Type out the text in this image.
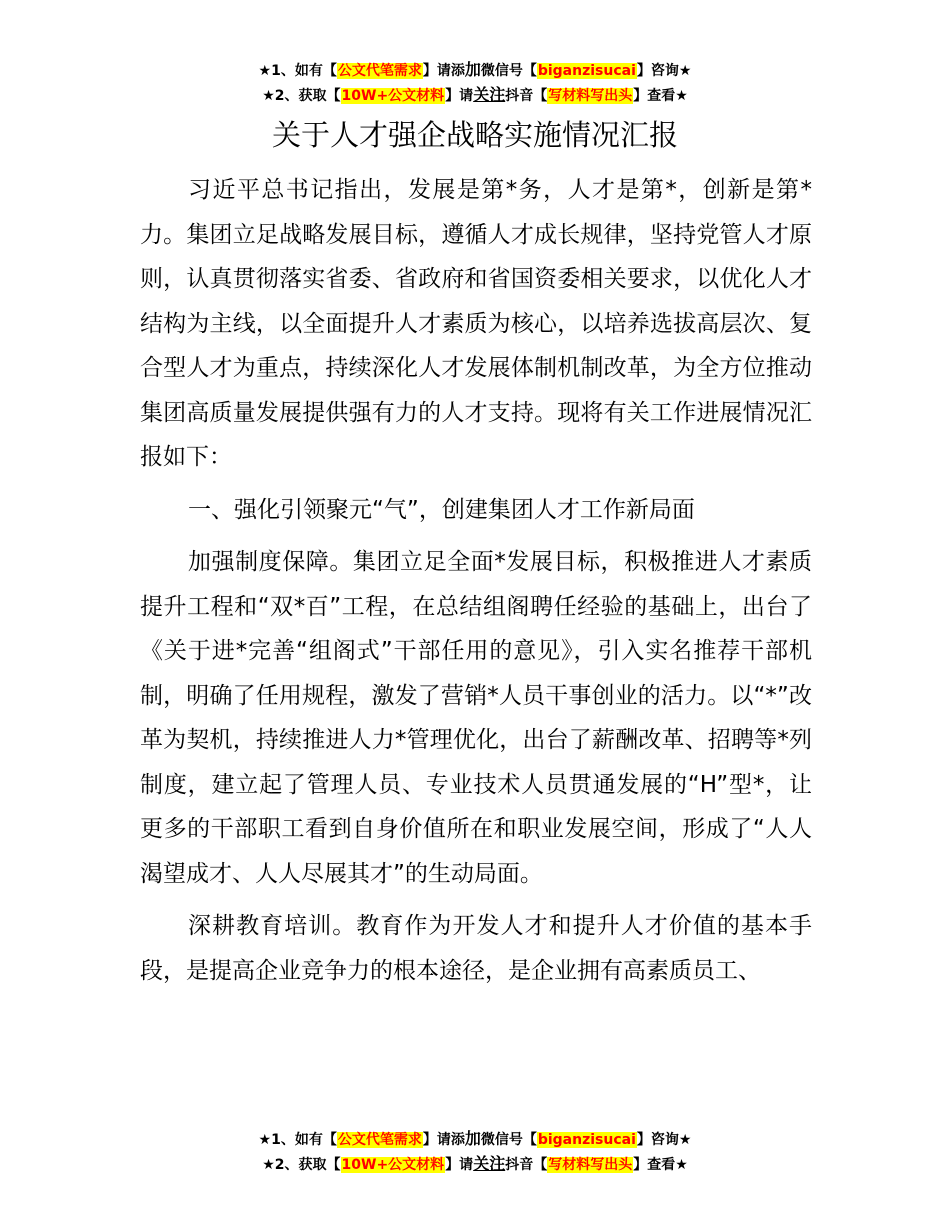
★1、如有【公文代笔需求】请添加微信号【biganzisucai】咨询★
★2、获取【10W+公文材料】请关注抖音【写材料写出头】查看★
关于人才强企战略实施情况汇报

习近平总书记指出，发展是第*务，人才是第*，创新是第*力。集团立足战略发展目标，遵循人才成长规律，坚持党管人才原则，认真贯彻落实省委、省政府和省国资委相关要求，以优化人才结构为主线，以全面提升人才素质为核心，以培养选拔高层次、复合型人才为重点，持续深化人才发展体制机制改革，为全方位推动集团高质量发展提供强有力的人才支持。现将有关工作进展情况汇报如下：

一、强化引领聚元“气”，创建集团人才工作新局面

加强制度保障。集团立足全面*发展目标，积极推进人才素质提升工程和“双*百”工程，在总结组阁聘任经验的基础上，出台了《关于进*完善“组阁式”干部任用的意见》，引入实名推荐干部机制，明确了任用规程，激发了营销*人员干事创业的活力。以“*”改革为契机，持续推进人力*管理优化，出台了薪酬改革、招聘等*列制度，建立起了管理人员、专业技术人员贯通发展的“H”型*，让更多的干部职工看到自身价值所在和职业发展空间，形成了“人人渴望成才、人人尽展其才”的生动局面。

深耕教育培训。教育作为开发人才和提升人才价值的基本手段，是提高企业竞争力的根本途径，是企业拥有高素质员工、

★1、如有【公文代笔需求】请添加微信号【biganzisucai】咨询★
★2、获取【10W+公文材料】请关注抖音【写材料写出头】查看★
